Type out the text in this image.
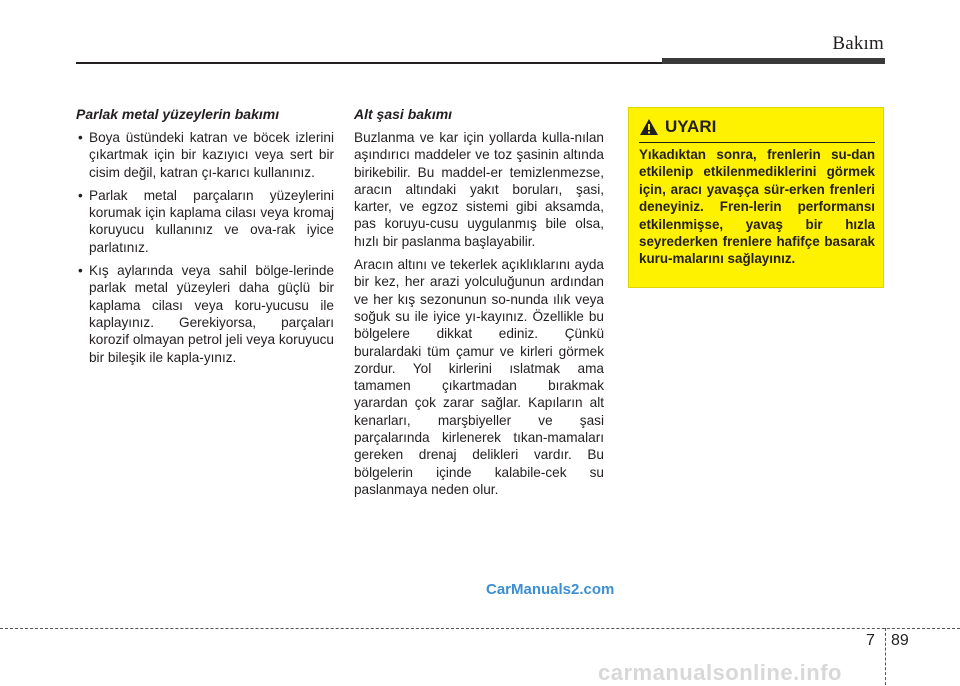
Bakım
Parlak metal yüzeylerin bakımı
• Boya üstündeki katran ve böcek izlerini çıkartmak için bir kazıyıcı veya sert bir cisim değil, katran çı-karıcı kullanınız.
• Parlak metal parçaların yüzeylerini korumak için kaplama cilası veya kromaj koruyucu kullanınız ve ova-rak iyice parlatınız.
• Kış aylarında veya sahil bölge-lerinde parlak metal yüzeyleri daha güçlü bir kaplama cilası veya koru-yucusu ile kaplayınız. Gerekiyorsa, parçaları korozif olmayan petrol jeli veya koruyucu bir bileşik ile kapla-yınız.
Alt şasi bakımı

Buzlanma ve kar için yollarda kulla-nılan aşındırıcı maddeler ve toz şasinin altında birikebilir. Bu maddel-er temizlenmezse, aracın altındaki yakıt boruları, şasi, karter, ve egzoz sistemi gibi aksamda, pas koruyu-cusu uygulanmış bile olsa, hızlı bir paslanma başlayabilir.

Aracın altını ve tekerlek açıklıklarını ayda bir kez, her arazi yolculuğunun ardından ve her kış sezonunun so-nunda ılık veya soğuk su ile iyice yı-kayınız. Özellikle bu bölgelere dikkat ediniz. Çünkü buralardaki tüm çamur ve kirleri görmek zordur. Yol kirlerini ıslatmak ama tamamen çıkartmadan bırakmak yarardan çok zarar sağlar. Kapıların alt kenarları, marşbiyeller ve şasi parçalarında kirlenerek tıkan-mamaları gereken drenaj delikleri vardır. Bu bölgelerin içinde kalabile-cek su paslanmaya neden olur.

UYARI

Yıkadıktan sonra, frenlerin su-dan etkilenip etkilenmediklerini görmek için, aracı yavaşça sür-erken frenleri deneyiniz. Fren-lerin performansı etkilenmişse, yavaş bir hızla seyrederken frenlere hafifçe basarak kuru-malarını sağlayınız.

CarManuals2.com
7 89
carmanualsonline.info
